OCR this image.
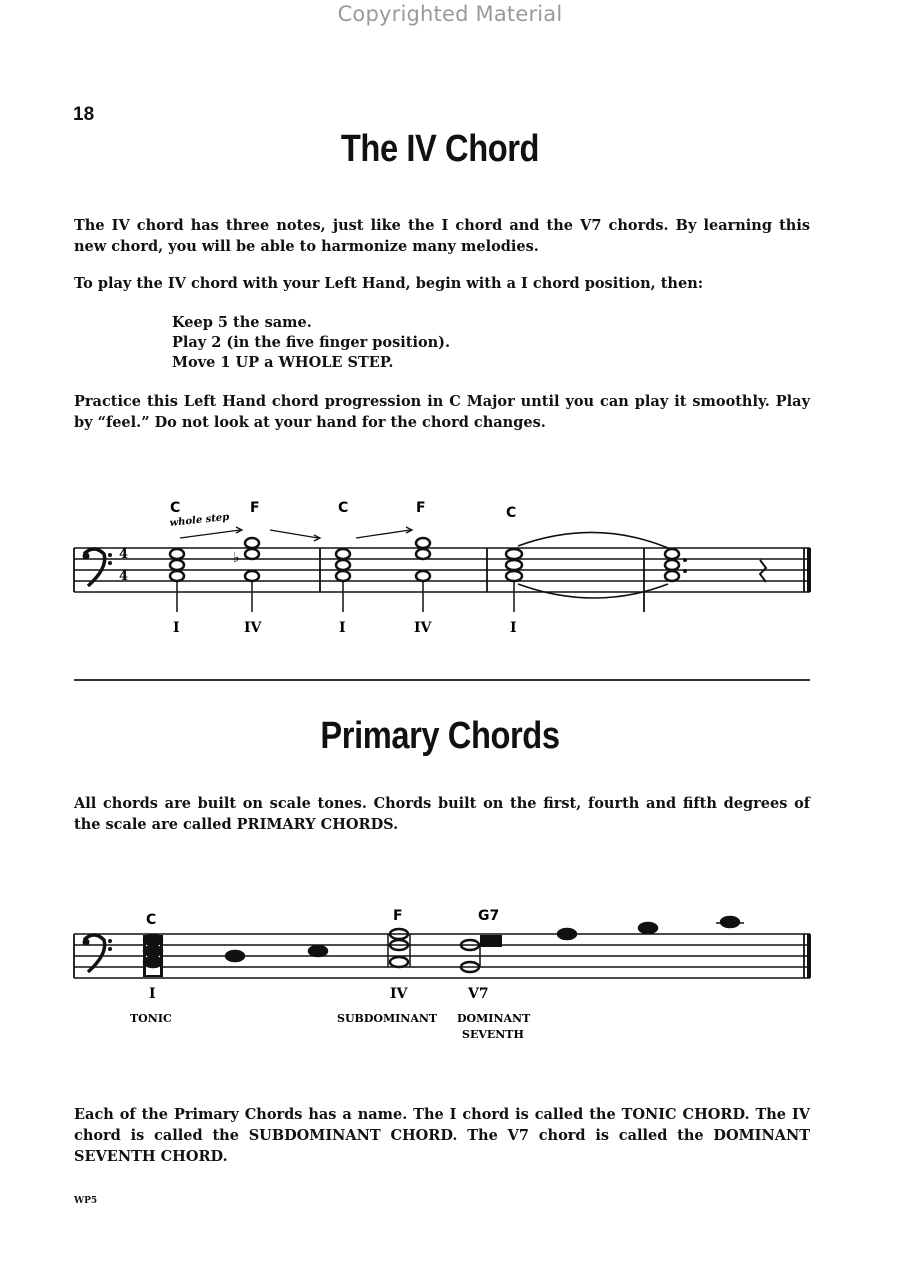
Copyrighted Material
18
The IV Chord

The IV chord has three notes, just like the I chord and the V7 chords. By learning this new chord, you will be able to harmonize many melodies.

To play the IV chord with your Left Hand, begin with a I chord position, then:

Keep 5 the same.
Play 2 (in the five finger position).
Move 1 UP a WHOLE STEP.

Practice this Left Hand chord progression in C Major until you can play it smoothly. Play by “feel.” Do not look at your hand for the chord changes.

4
4
♭
whole step
C	F	C	F	C
I	IV	I	IV	I
Primary Chords

All chords are built on scale tones. Chords built on the first, fourth and fifth degrees of the scale are called PRIMARY CHORDS.

C	F	G7
I	IV	V7
TONIC	SUBDOMINANT DOMINANT
SEVENTH

Each of the Primary Chords has a name. The I chord is called the TONIC CHORD. The IV chord is called the SUBDOMINANT CHORD. The V7 chord is called the DOMINANT SEVENTH CHORD.

WP5
